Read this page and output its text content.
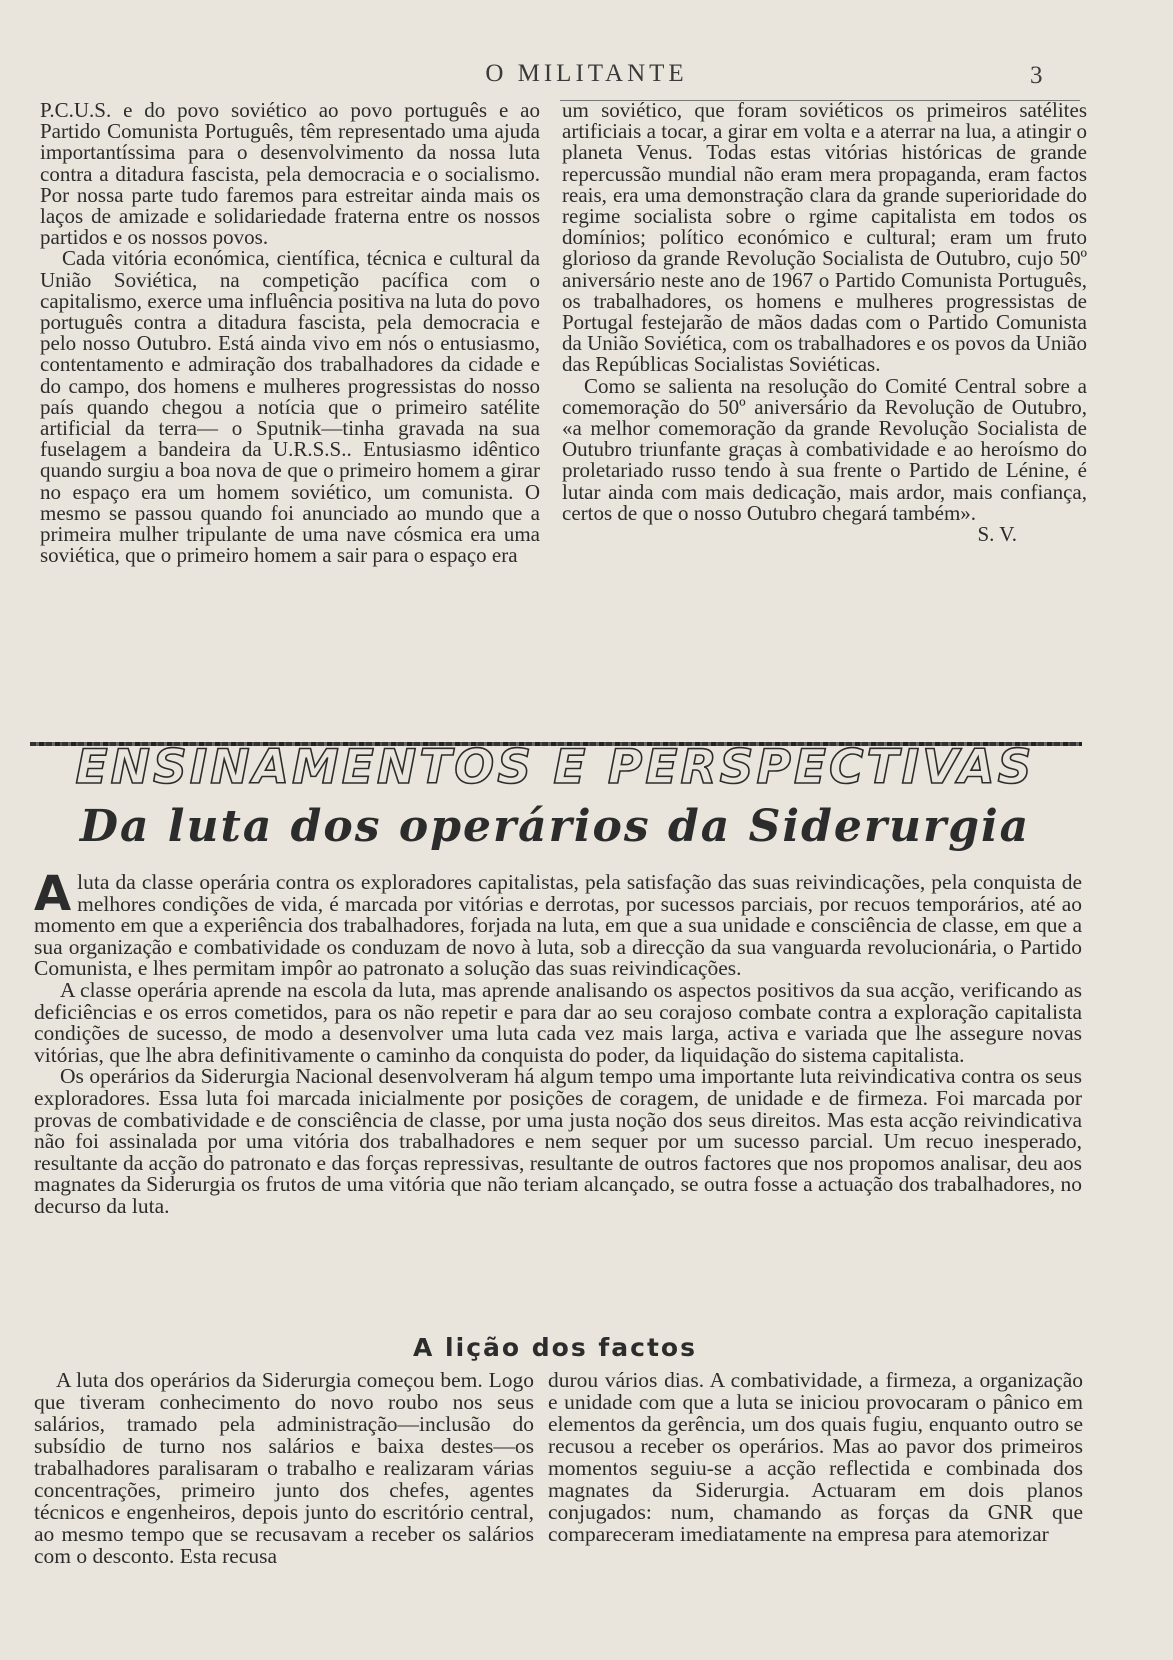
O MILITANTE	3

P.C.U.S. e do povo soviético ao povo português e ao Partido Comunista Português, têm representado uma ajuda importantíssima para o desenvolvimento da nossa luta contra a ditadura fascista, pela democracia e o socialismo. Por nossa parte tudo faremos para estreitar ainda mais os laços de amizade e solidariedade fraterna entre os nossos partidos e os nossos povos.

Cada vitória económica, científica, técnica e cultural da União Soviética, na competição pacífica com o capitalismo, exerce uma influência positiva na luta do povo português contra a ditadura fascista, pela democracia e pelo nosso Outubro. Está ainda vivo em nós o entusiasmo, contentamento e admiração dos trabalhadores da cidade e do campo, dos homens e mulheres progressistas do nosso país quando chegou a notícia que o primeiro satélite artificial da terra— o Sputnik—tinha gravada na sua fuselagem a bandeira da U.R.S.S.. Entusiasmo idêntico quando surgiu a boa nova de que o primeiro homem a girar no espaço era um homem soviético, um comunista. O mesmo se passou quando foi anunciado ao mundo que a primeira mulher tripulante de uma nave cósmica era uma soviética, que o primeiro homem a sair para o espaço era

um soviético, que foram soviéticos os primeiros satélites artificiais a tocar, a girar em volta e a aterrar na lua, a atingir o planeta Venus. Todas estas vitórias históricas de grande repercussão mundial não eram mera propaganda, eram factos reais, era uma demonstração clara da grande superioridade do regime socialista sobre o rgime capitalista em todos os domínios; político económico e cultural; eram um fruto glorioso da grande Revolução Socialista de Outubro, cujo 50º aniversário neste ano de 1967 o Partido Comunista Português, os trabalhadores, os homens e mulheres progressistas de Portugal festejarão de mãos dadas com o Partido Comunista da União Soviética, com os trabalhadores e os povos da União das Repúblicas Socialistas Soviéticas.

Como se salienta na resolução do Comité Central sobre a comemoração do 50º aniversário da Revolução de Outubro, «a melhor comemoração da grande Revolução Socialista de Outubro triunfante graças à combatividade e ao heroísmo do proletariado russo tendo à sua frente o Partido de Lénine, é lutar ainda com mais dedicação, mais ardor, mais confiança, certos de que o nosso Outubro chegará também».

S. V.

ENSINAMENTOS E PERSPECTIVAS
Da luta dos operários da Siderurgia

Aluta da classe operária contra os exploradores capitalistas, pela satisfação das suas reivindicações, pela conquista de melhores condições de vida, é marcada por vitórias e derrotas, por sucessos parciais, por recuos temporários, até ao momento em que a experiência dos trabalhadores, forjada na luta, em que a sua unidade e consciência de classe, em que a sua organização e combatividade os conduzam de novo à luta, sob a direcção da sua vanguarda revolucionária, o Partido Comunista, e lhes permitam impôr ao patronato a solução das suas reivindicações.

A classe operária aprende na escola da luta, mas aprende analisando os aspectos positivos da sua acção, verificando as deficiências e os erros cometidos, para os não repetir e para dar ao seu corajoso combate contra a exploração capitalista condições de sucesso, de modo a desenvolver uma luta cada vez mais larga, activa e variada que lhe assegure novas vitórias, que lhe abra definitivamente o caminho da conquista do poder, da liquidação do sistema capitalista.

Os operários da Siderurgia Nacional desenvolveram há algum tempo uma importante luta reivindicativa contra os seus exploradores. Essa luta foi marcada inicialmente por posições de coragem, de unidade e de firmeza. Foi marcada por provas de combatividade e de consciência de classe, por uma justa noção dos seus direitos. Mas esta acção reivindicativa não foi assinalada por uma vitória dos trabalhadores e nem sequer por um sucesso parcial. Um recuo inesperado, resultante da acção do patronato e das forças repressivas, resultante de outros factores que nos propomos analisar, deu aos magnates da Siderurgia os frutos de uma vitória que não teriam alcançado, se outra fosse a actuação dos trabalhadores, no decurso da luta.

A lição dos factos

A luta dos operários da Siderurgia começou bem. Logo que tiveram conhecimento do novo roubo nos seus salários, tramado pela administração—inclusão do subsídio de turno nos salários e baixa destes—os trabalhadores paralisaram o trabalho e realizaram várias concentrações, primeiro junto dos chefes, agentes técnicos e engenheiros, depois junto do escritório central, ao mesmo tempo que se recusavam a receber os salários com o desconto. Esta recusa

durou vários dias. A combatividade, a firmeza, a organização e unidade com que a luta se iniciou provocaram o pânico em elementos da gerência, um dos quais fugiu, enquanto outro se recusou a receber os operários. Mas ao pavor dos primeiros momentos seguiu-se a acção reflectida e combinada dos magnates da Siderurgia. Actuaram em dois planos conjugados: num, chamando as forças da GNR que compareceram imediatamente na empresa para atemorizar
